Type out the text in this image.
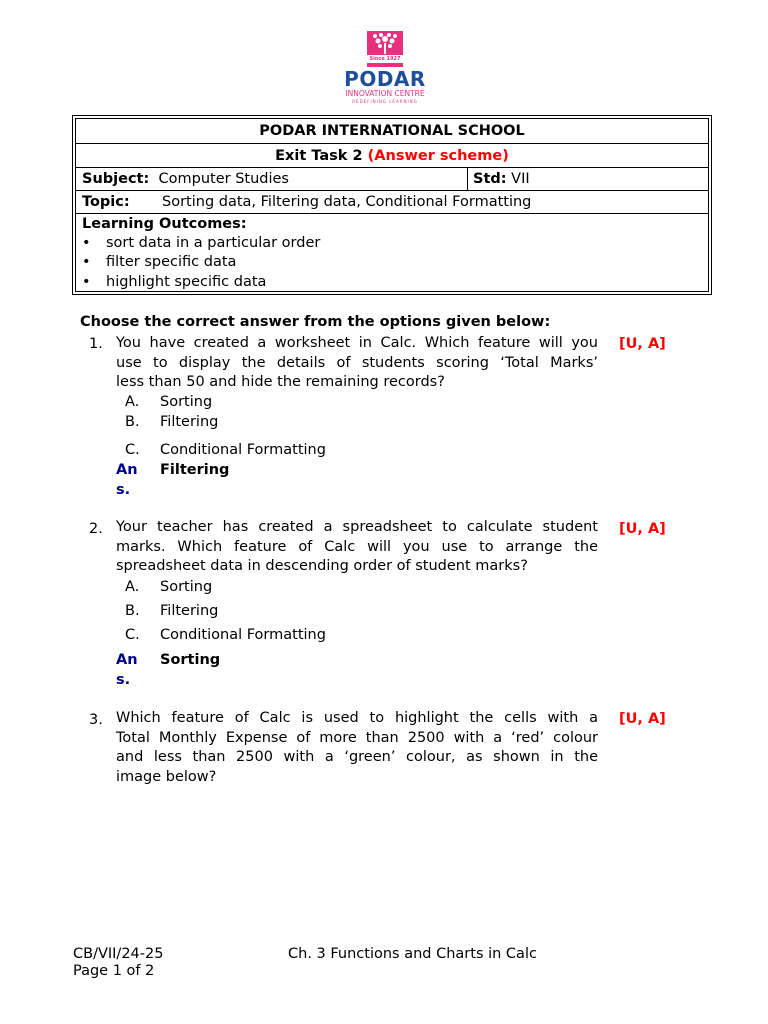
Since 1927
PODAR
INNOVATION CENTRE
REDEFINING LEARNING
PODAR INTERNATIONAL SCHOOL
Exit Task 2 (Answer scheme)
Subject: Computer Studies	Std: VII
Topic: Sorting data, Filtering data, Conditional Formatting
Learning Outcomes:
• sort data in a particular order
• filter specific data
• highlight specific data
Choose the correct answer from the options given below:
1. You have created a worksheet in Calc. Which feature will you
use to display the details of students scoring ‘Total Marks’
less than 50 and hide the remaining records?
[U, A]
A. Sorting
B. Filtering
C. Conditional Formatting
Ans.
Filtering
2. Your teacher has created a spreadsheet to calculate student
marks. Which feature of Calc will you use to arrange the
spreadsheet data in descending order of student marks?
[U, A]
A. Sorting
B. Filtering
C. Conditional Formatting
Ans.
Sorting
3. Which feature of Calc is used to highlight the cells with a
Total Monthly Expense of more than 2500 with a ‘red’ colour
and less than 2500 with a ‘green’ colour, as shown in the
image below?
[U, A]
CB/VII/24-25
Page 1 of 2
Ch. 3 Functions and Charts in Calc
